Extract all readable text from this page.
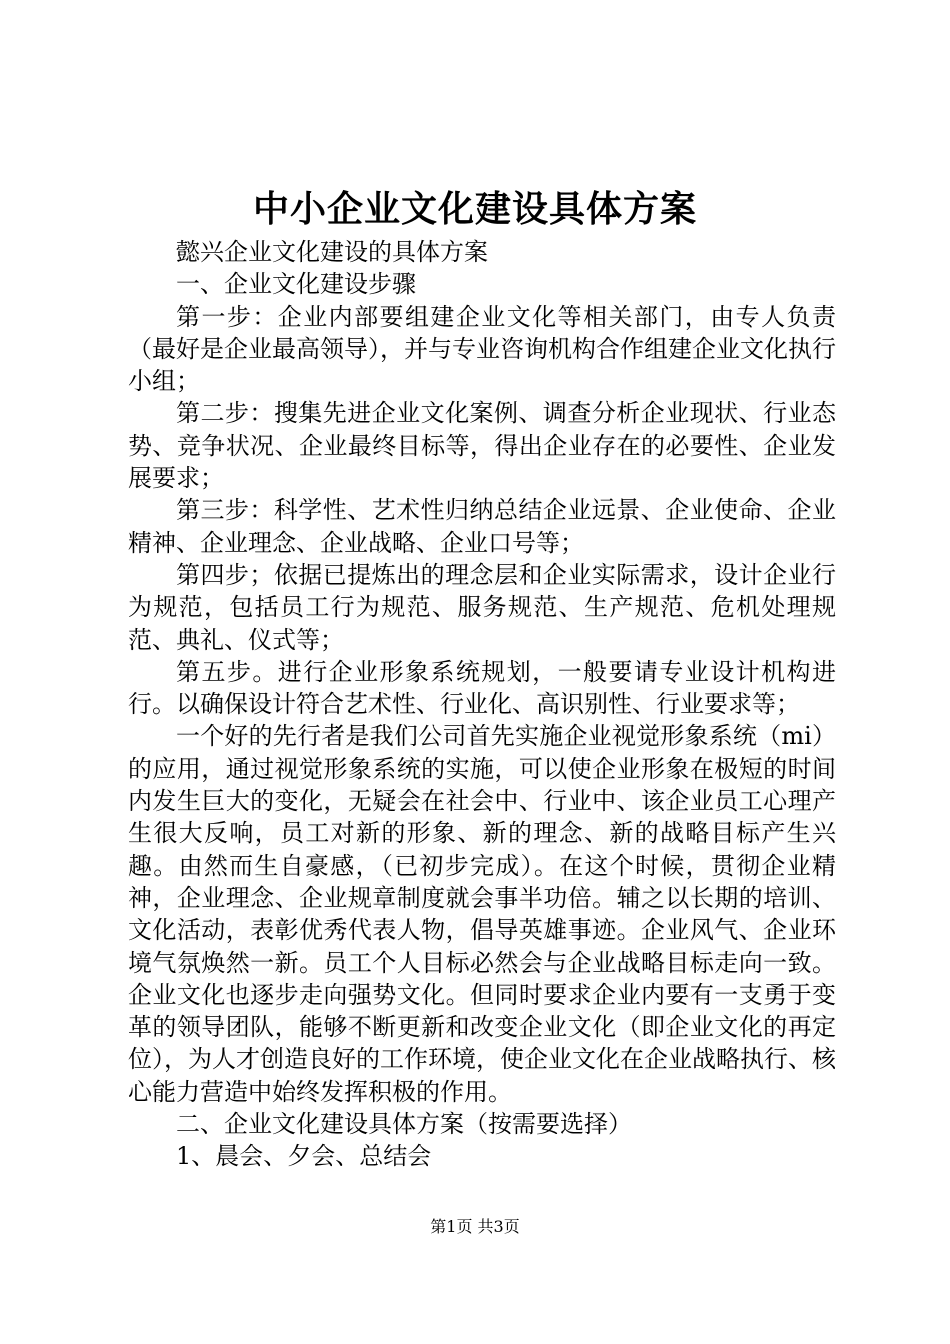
中小企业文化建设具体方案

懿兴企业文化建设的具体方案

一、企业文化建设步骤

第一步：企业内部要组建企业文化等相关部门，由专人负责（最好是企业最高领导），并与专业咨询机构合作组建企业文化执行小组；

第二步：搜集先进企业文化案例、调查分析企业现状、行业态势、竞争状况、企业最终目标等，得出企业存在的必要性、企业发展要求；

第三步：科学性、艺术性归纳总结企业远景、企业使命、企业精神、企业理念、企业战略、企业口号等；

第四步；依据已提炼出的理念层和企业实际需求，设计企业行为规范，包括员工行为规范、服务规范、生产规范、危机处理规范、典礼、仪式等；

第五步。进行企业形象系统规划，一般要请专业设计机构进行。以确保设计符合艺术性、行业化、高识别性、行业要求等；

一个好的先行者是我们公司首先实施企业视觉形象系统（mi）的应用，通过视觉形象系统的实施，可以使企业形象在极短的时间内发生巨大的变化，无疑会在社会中、行业中、该企业员工心理产生很大反响，员工对新的形象、新的理念、新的战略目标产生兴趣。由然而生自豪感，（已初步完成）。在这个时候，贯彻企业精神，企业理念、企业规章制度就会事半功倍。辅之以长期的培训、文化活动，表彰优秀代表人物，倡导英雄事迹。企业风气、企业环境气氛焕然一新。员工个人目标必然会与企业战略目标走向一致。企业文化也逐步走向强势文化。但同时要求企业内要有一支勇于变革的领导团队，能够不断更新和改变企业文化（即企业文化的再定位），为人才创造良好的工作环境，使企业文化在企业战略执行、核心能力营造中始终发挥积极的作用。

二、企业文化建设具体方案（按需要选择）

1、晨会、夕会、总结会

第1页 共3页
